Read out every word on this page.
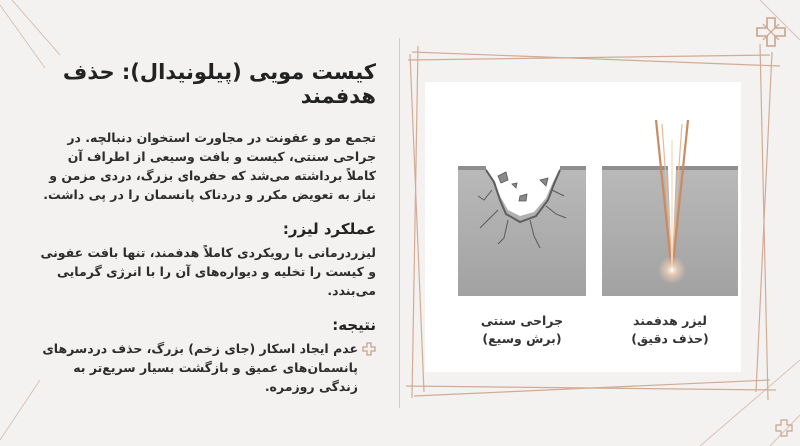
کیست مویی (پیلونیدال): حذف هدفمند

تجمع مو و عفونت در مجاورت استخوان دنبالچه. در جراحی سنتی، کیست و بافت وسیعی از اطراف آن کاملاً برداشته می‌شد که حفره‌ای بزرگ، دردی مزمن و نیاز به تعویض مکرر و دردناک پانسمان را در پی داشت.

عملکرد لیزر:

لیزردرمانی با رویکردی کاملاً هدفمند، تنها بافت عفونی و کیست را تخلیه و دیواره‌های آن را با انرژی گرمایی می‌بندد.

نتیجه:

عدم ایجاد اسکار (جای زخم) بزرگ، حذف دردسرهای پانسمان‌های عمیق و بازگشت بسیار سریع‌تر به زندگی روزمره.

جراحی سنتی
(برش وسیع)
لیزر هدفمند
(حذف دقیق)
